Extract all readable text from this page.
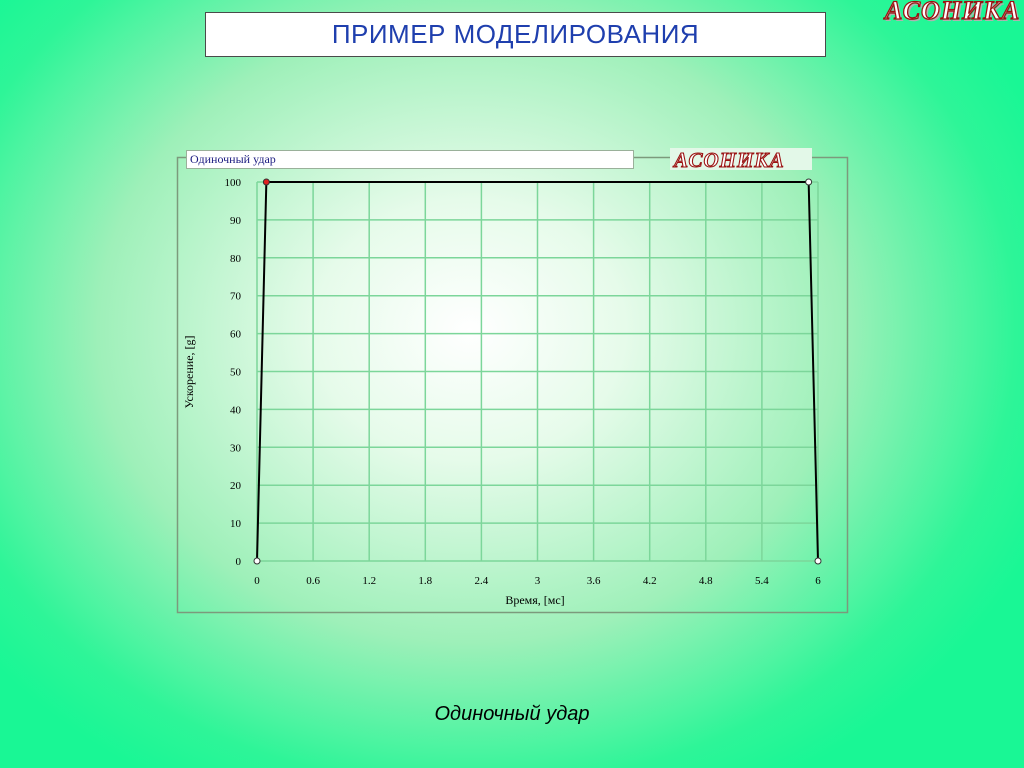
ПРИМЕР МОДЕЛИРОВАНИЯ
АСОНИКА
Одиночный удар	АСОНИКА
0	0.6	1.2	1.8	2.4	3	3.6	4.2	4.8	5.4	6
0
10
20
30
40
50
60
70
80
90
100
Время, [мс]
Ускорение, [g]
Одиночный удар
